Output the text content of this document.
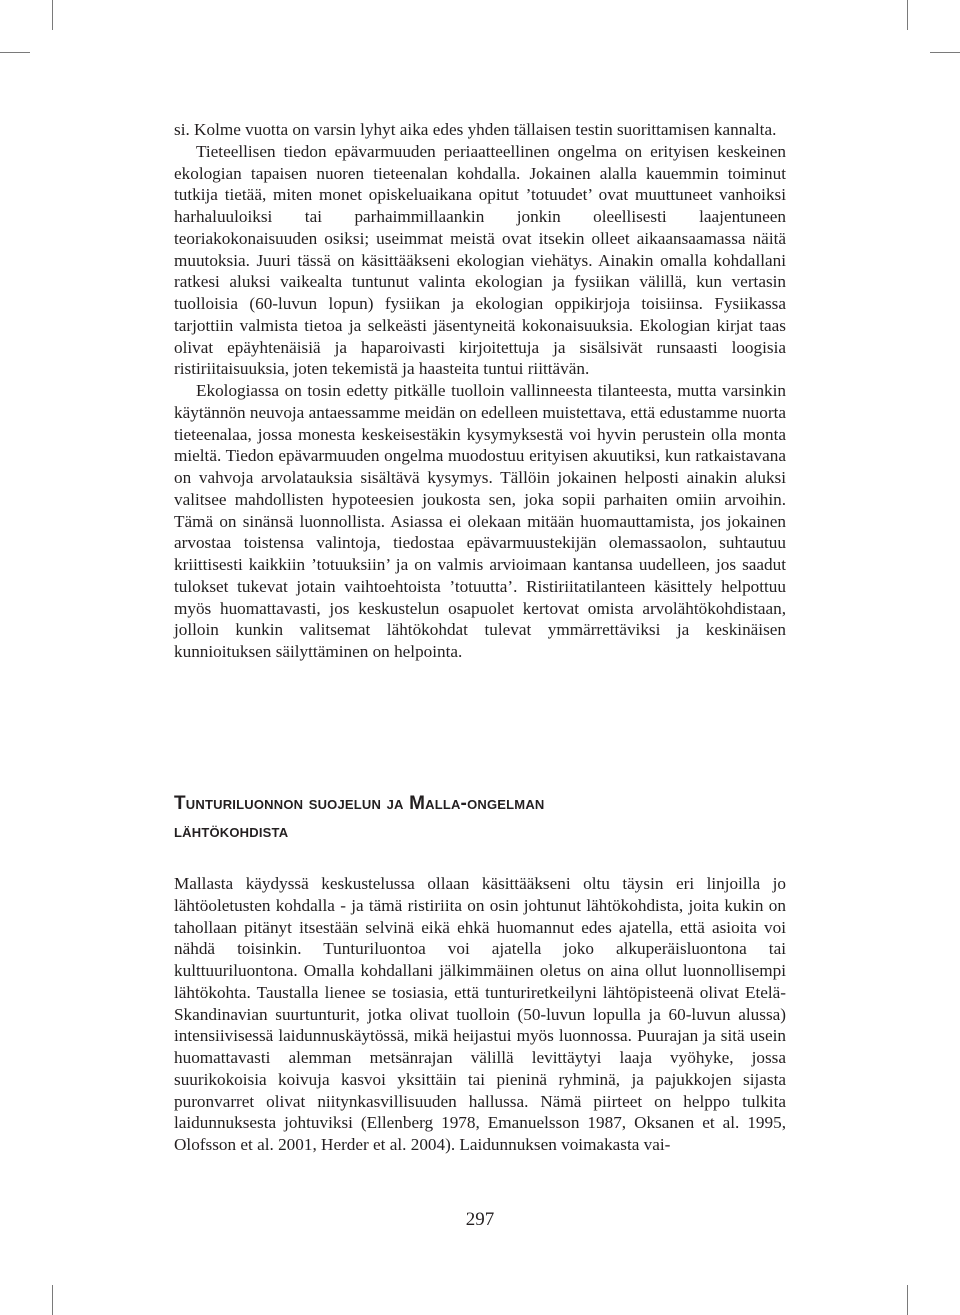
si. Kolme vuotta on varsin lyhyt aika edes yhden tällaisen testin suorittamisen kannalta.

Tieteellisen tiedon epävarmuuden periaatteellinen ongelma on erityisen keskeinen ekologian tapaisen nuoren tieteenalan kohdalla. Jokainen alalla kauemmin toiminut tutkija tietää, miten monet opiskeluaikana opitut ’totuudet’ ovat muuttuneet vanhoiksi harhaluuloiksi tai parhaimmillaankin jonkin oleellisesti laajentuneen teoriakokonaisuuden osiksi; useimmat meistä ovat itsekin olleet aikaansaamassa näitä muutoksia. Juuri tässä on käsittääkseni ekologian viehätys. Ainakin omalla kohdallani ratkesi aluksi vaikealta tuntunut valinta ekologian ja fysiikan välillä, kun vertasin tuolloisia (60-luvun lopun) fysiikan ja ekologian oppikirjoja toisiinsa. Fysiikassa tarjottiin valmista tietoa ja selkeästi jäsentyneitä kokonaisuuksia. Ekologian kirjat taas olivat epäyhtenäisiä ja haparoivasti kirjoitettuja ja sisälsivät runsaasti loogisia ristiriitaisuuksia, joten tekemistä ja haasteita tuntui riittävän.

Ekologiassa on tosin edetty pitkälle tuolloin vallinneesta tilanteesta, mutta varsinkin käytännön neuvoja antaessamme meidän on edelleen muistettava, että edustamme nuorta tieteenalaa, jossa monesta keskeisestäkin kysymyksestä voi hyvin perustein olla monta mieltä. Tiedon epävarmuuden ongelma muodostuu erityisen akuutiksi, kun ratkaistavana on vahvoja arvolatauksia sisältävä kysymys. Tällöin jokainen helposti ainakin aluksi valitsee mahdollisten hypoteesien joukosta sen, joka sopii parhaiten omiin arvoihin. Tämä on sinänsä luonnollista. Asiassa ei olekaan mitään huomauttamista, jos jokainen arvostaa toistensa valintoja, tiedostaa epävarmuustekijän olemassaolon, suhtautuu kriittisesti kaikkiin ’totuuksiin’ ja on valmis arvioimaan kantansa uudelleen, jos saadut tulokset tukevat jotain vaihtoehtoista ’totuutta’. Ristiriitatilanteen käsittely helpottuu myös huomattavasti, jos keskustelun osapuolet kertovat omista arvolähtökohdistaan, jolloin kunkin valitsemat lähtökohdat tulevat ymmärrettäviksi ja keskinäisen kunnioituksen säilyttäminen on helpointa.

Tunturiluonnon suojelun ja Malla-ongelman
lähtökohdista

Mallasta käydyssä keskustelussa ollaan käsittääkseni oltu täysin eri linjoilla jo lähtöoletusten kohdalla - ja tämä ristiriita on osin johtunut lähtökohdista, joita kukin on tahollaan pitänyt itsestään selvinä eikä ehkä huomannut edes ajatella, että asioita voi nähdä toisinkin. Tunturiluontoa voi ajatella joko alkuperäisluontona tai kulttuuriluontona. Omalla kohdallani jälkimmäinen oletus on aina ollut luonnollisempi lähtökohta. Taustalla lienee se tosiasia, että tunturiretkeilyni lähtöpisteenä olivat Etelä-Skandinavian suurtunturit, jotka olivat tuolloin (50-luvun lopulla ja 60-luvun alussa) intensiivisessä laidunnuskäytössä, mikä heijastui myös luonnossa. Puurajan ja sitä usein huomattavasti alemman metsänrajan välillä levittäytyi laaja vyöhyke, jossa suurikokoisia koivuja kasvoi yksittäin tai pieninä ryhminä, ja pajukkojen sijasta puronvarret olivat niitynkasvillisuuden hallussa. Nämä piirteet on helppo tulkita laidunnuksesta johtuviksi (Ellenberg 1978, Emanuelsson 1987, Oksanen et al. 1995, Olofsson et al. 2001, Herder et al. 2004). Laidunnuksen voimakasta vai-

297
